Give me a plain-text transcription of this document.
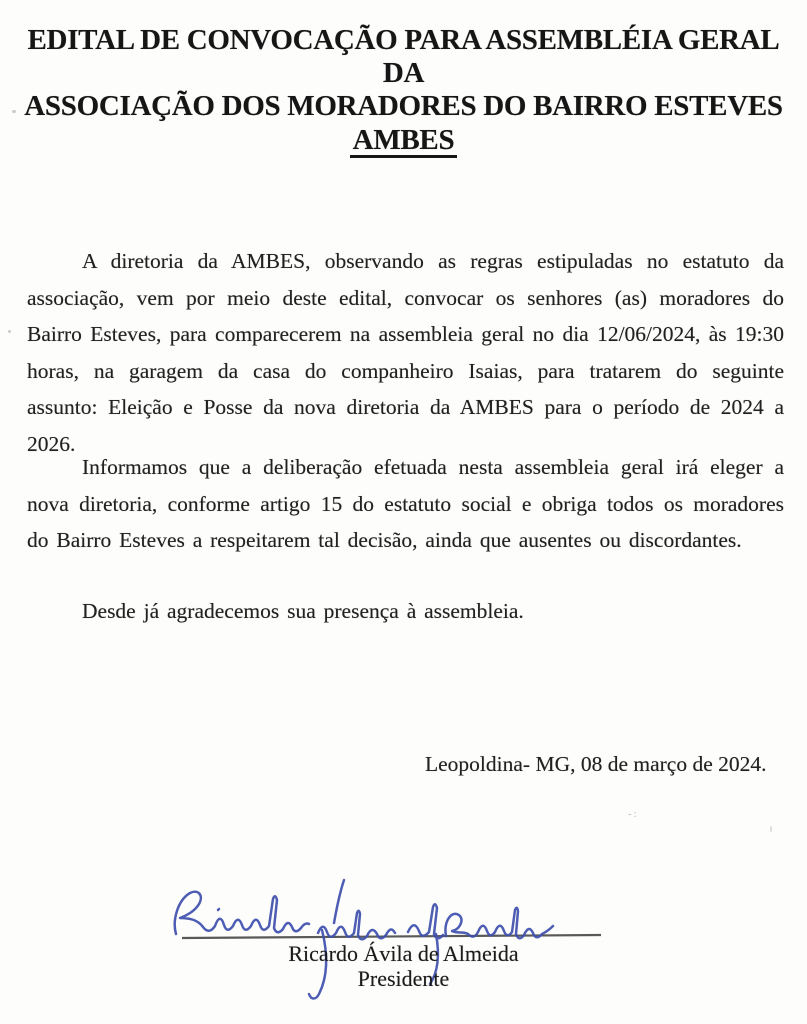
EDITAL DE CONVOCAÇÃO PARA ASSEMBLÉIA GERAL DA
ASSOCIAÇÃO DOS MORADORES DO BAIRRO ESTEVES
AMBES

A diretoria da AMBES, observando as regras estipuladas no estatuto da associação, vem por meio deste edital, convocar os senhores (as) moradores do Bairro Esteves, para comparecerem na assembleia geral no dia 12/06/2024, às 19:30 horas, na garagem da casa do companheiro Isaias, para tratarem do seguinte assunto: Eleição e Posse da nova diretoria da AMBES para o período de 2024 a 2026.

Informamos que a deliberação efetuada nesta assembleia geral irá eleger a nova diretoria, conforme artigo 15 do estatuto social e obriga todos os moradores do Bairro Esteves a respeitarem tal decisão, ainda que ausentes ou discordantes.

Desde já agradecemos sua presença à assembleia.

Leopoldina- MG, 08 de março de 2024.
Ricardo Ávila de Almeida
Presidente
-:
